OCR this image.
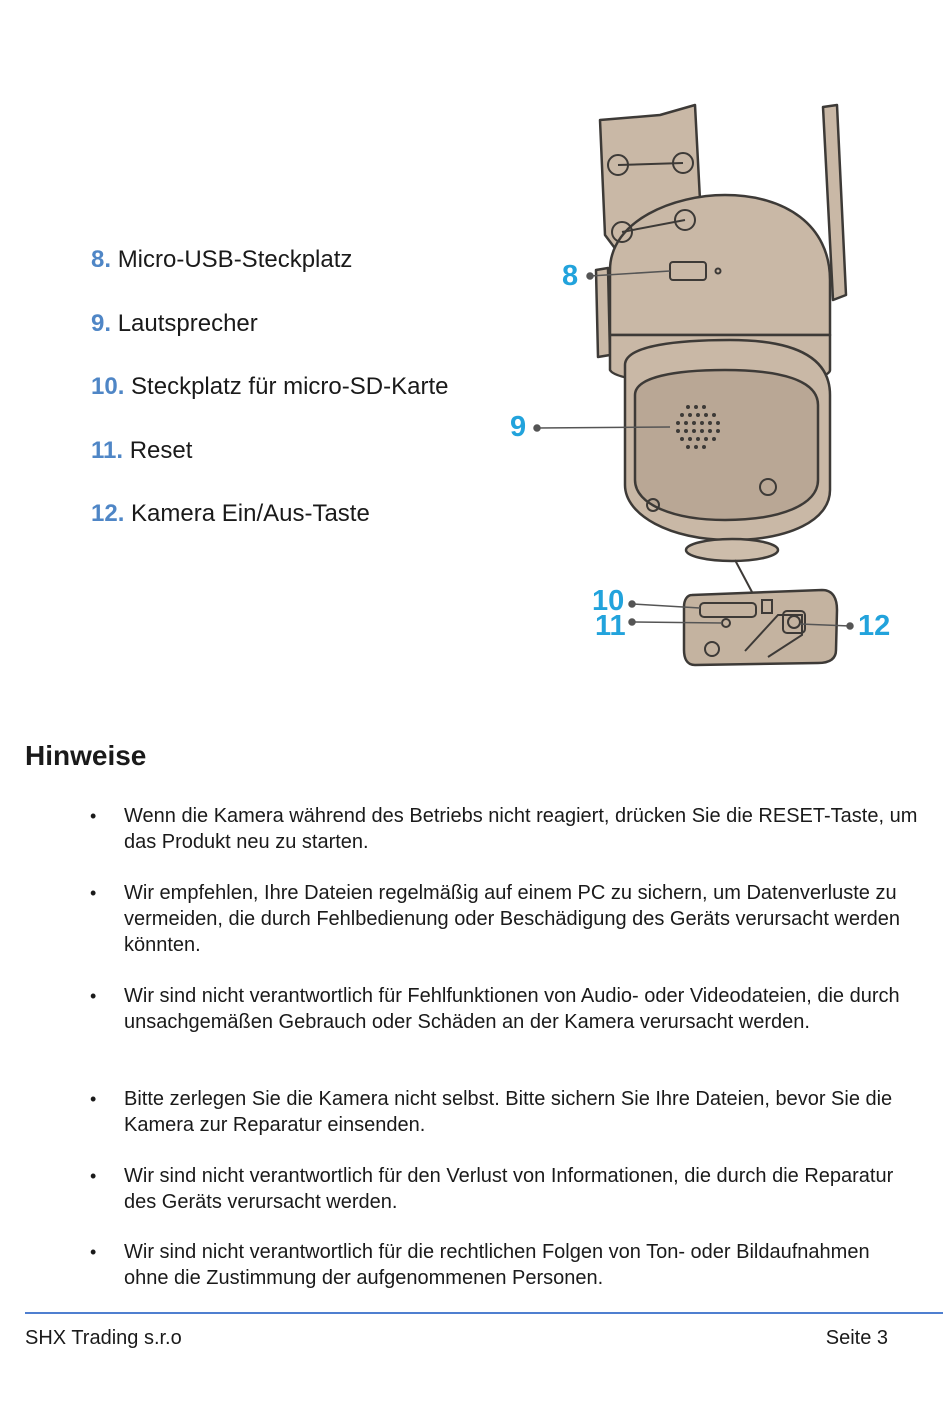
8. Micro-USB-Steckplatz
9. Lautsprecher
10. Steckplatz für micro-SD-Karte
11. Reset
12. Kamera Ein/Aus-Taste
8
9
10
11	12
Hinweise
• Wenn die Kamera während des Betriebs nicht reagiert, drücken Sie die RESET-Taste, um das Produkt neu zu starten.
• Wir empfehlen, Ihre Dateien regelmäßig auf einem PC zu sichern, um Datenverluste zu vermeiden, die durch Fehlbedienung oder Beschädigung des Geräts verursacht werden könnten.
• Wir sind nicht verantwortlich für Fehlfunktionen von Audio- oder Videodateien, die durch unsachgemäßen Gebrauch oder Schäden an der Kamera verursacht werden.
• Bitte zerlegen Sie die Kamera nicht selbst. Bitte sichern Sie Ihre Dateien, bevor Sie die Kamera zur Reparatur einsenden.
• Wir sind nicht verantwortlich für den Verlust von Informationen, die durch die Reparatur des Geräts verursacht werden.
• Wir sind nicht verantwortlich für die rechtlichen Folgen von Ton- oder Bildaufnahmen ohne die Zustimmung der aufgenommenen Personen.
SHX Trading s.r.o	Seite 3
